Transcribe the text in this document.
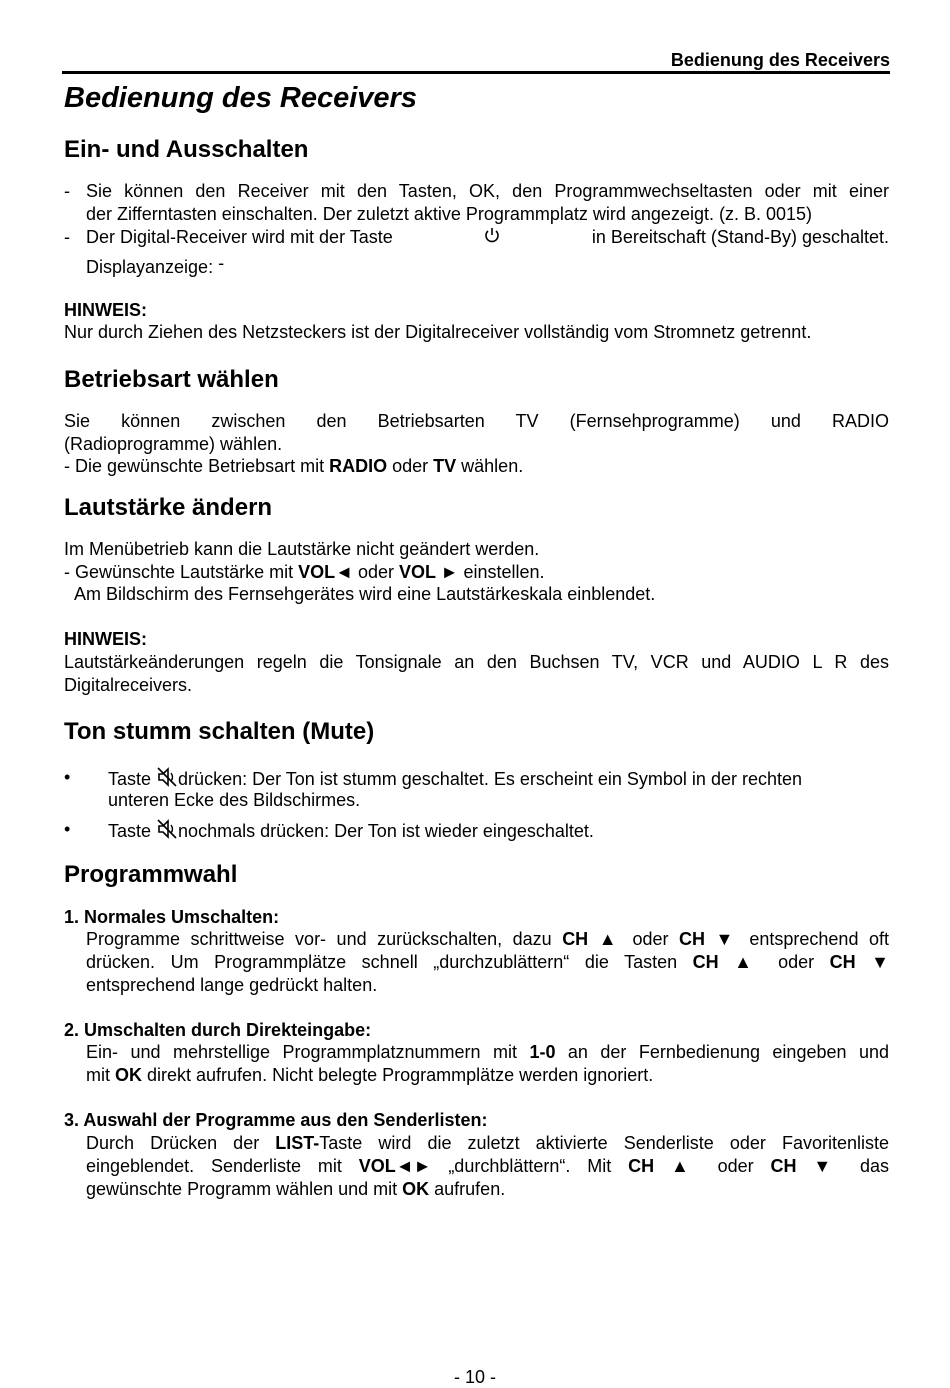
Bedienung des Receivers
Bedienung des Receivers
Ein- und Ausschalten
- Sie können den Receiver mit den Tasten, OK, den Programmwechseltasten oder mit einer
der Zifferntasten einschalten. Der zuletzt aktive Programmplatz wird angezeigt. (z. B. 0015)
- Der Digital-Receiver wird mit der Taste	in Bereitschaft (Stand-By) geschaltet.
Displayanzeige: -
HINWEIS:
Nur durch Ziehen des Netzsteckers ist der Digitalreceiver vollständig vom Stromnetz getrennt.
Betriebsart wählen
Sie können zwischen den Betriebsarten TV (Fernsehprogramme) und RADIO
(Radioprogramme) wählen.
- Die gewünschte Betriebsart mit RADIO oder TV wählen.
Lautstärke ändern
Im Menübetrieb kann die Lautstärke nicht geändert werden.
- Gewünschte Lautstärke mit VOL◄ oder VOL ► einstellen.
Am Bildschirm des Fernsehgerätes wird eine Lautstärkeskala einblendet.
HINWEIS:
Lautstärkeänderungen regeln die Tonsignale an den Buchsen TV, VCR und AUDIO L R des
Digitalreceivers.
Ton stumm schalten (Mute)
• Taste drücken: Der Ton ist stumm geschaltet. Es erscheint ein Symbol in der rechten
unteren Ecke des Bildschirmes.
• Taste nochmals drücken: Der Ton ist wieder eingeschaltet.
Programmwahl
1. Normales Umschalten:
Programme schrittweise vor- und zurückschalten, dazu CH ▲ oder CH ▼ entsprechend oft
drücken. Um Programmplätze schnell „durchzublättern“ die Tasten CH ▲ oder CH ▼
entsprechend lange gedrückt halten.
2. Umschalten durch Direkteingabe:
Ein- und mehrstellige Programmplatznummern mit 1-0 an der Fernbedienung eingeben und
mit OK direkt aufrufen. Nicht belegte Programmplätze werden ignoriert.
3. Auswahl der Programme aus den Senderlisten:
Durch Drücken der LIST-Taste wird die zuletzt aktivierte Senderliste oder Favoritenliste
eingeblendet. Senderliste mit VOL◄► „durchblättern“. Mit CH ▲ oder CH ▼ das
gewünschte Programm wählen und mit OK aufrufen.
- 10 -
